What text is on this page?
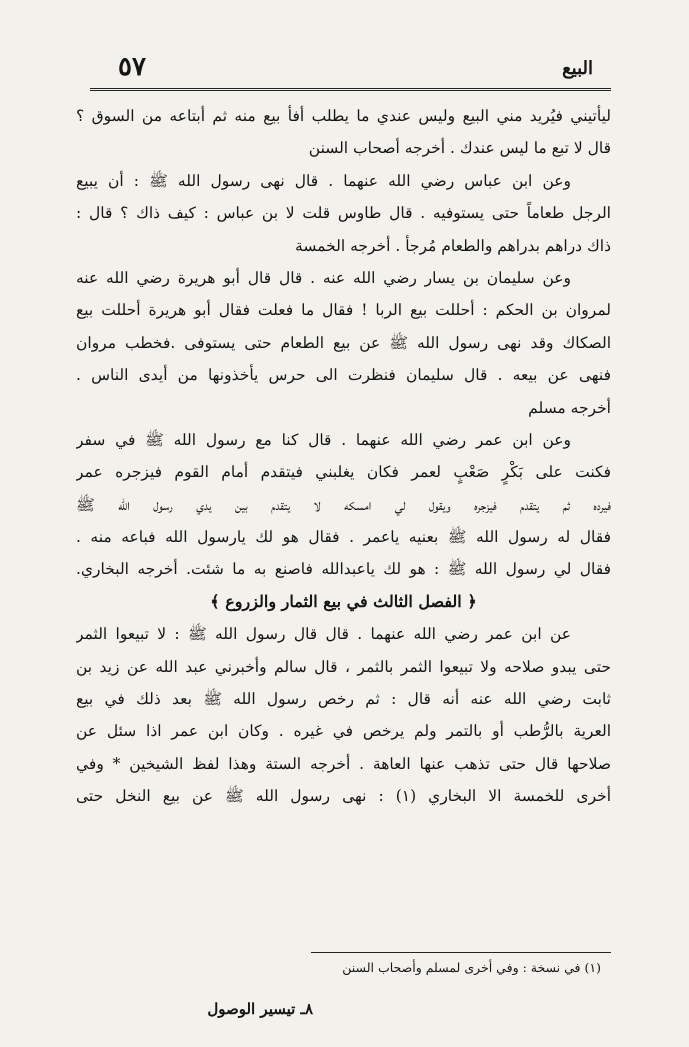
٥٧	البيع
ليأتيني فيُريد مني البيع وليس عندي ما يطلب أفأ بيع منه ثم أبتاعه من السوق ؟
قال لا تبع ما ليس عندك . أخرجه أصحاب السنن
وعن ابن عباس رضي الله عنهما . قال نهى رسول الله ﷺ : أن يبيع
الرجل طعاماً حتى يستوفيه . قال طاوس قلت لا بن عباس : كيف ذاك ؟ قال :
ذاك دراهم بدراهم والطعام مُرجأ . أخرجه الخمسة
وعن سليمان بن يسار رضي الله عنه . قال قال أبو هريرة رضي الله عنه
لمروان بن الحكم : أحللت بيع الربا ! فقال ما فعلت فقال أبو هريرة أحللت بيع
الصكاك وقد نهى رسول الله ﷺ عن بيع الطعام حتى يستوفى .فخطب مروان
فنهى عن بيعه . قال سليمان فنظرت الى حرس يأخذونها من أيدى الناس .
أخرجه مسلم
وعن ابن عمر رضي الله عنهما . قال كنا مع رسول الله ﷺ في سفر
فكنت على بَكْرٍ صَعْبٍ لعمر فكان يغلبني فيتقدم أمام القوم فيزجره عمر
فيرده ثم يتقدم فيزجره ويقول لي امسكه لا يتقدم بين يدي رسول الله ﷺ
فقال له رسول الله ﷺ بعنيه ياعمر . فقال هو لك يارسول الله فباعه منه .
فقال لي رسول الله ﷺ : هو لك ياعبدالله فاصنع به ما شئت. أخرجه البخاري.
﴿ الفصل الثالث في بيع الثمار والزروع ﴾
عن ابن عمر رضي الله عنهما . قال قال رسول الله ﷺ : لا تبيعوا الثمر
حتى يبدو صلاحه ولا تبيعوا الثمر بالثمر ، قال سالم وأخبرني عبد الله عن زيد بن
ثابت رضي الله عنه أنه قال : ثم رخص رسول الله ﷺ بعد ذلك في بيع
العرية بالرُّطب أو بالتمر ولم يرخص في غيره . وكان ابن عمر اذا سئل عن
صلاحها قال حتى تذهب عنها العاهة . أخرجه الستة وهذا لفظ الشيخين * وفي
أخرى للخمسة الا البخاري (١) : نهى رسول الله ﷺ عن بيع النخل حتى
(١) في نسخة : وفي أخرى لمسلم وأصحاب السنن
٨ـ تيسير الوصول
